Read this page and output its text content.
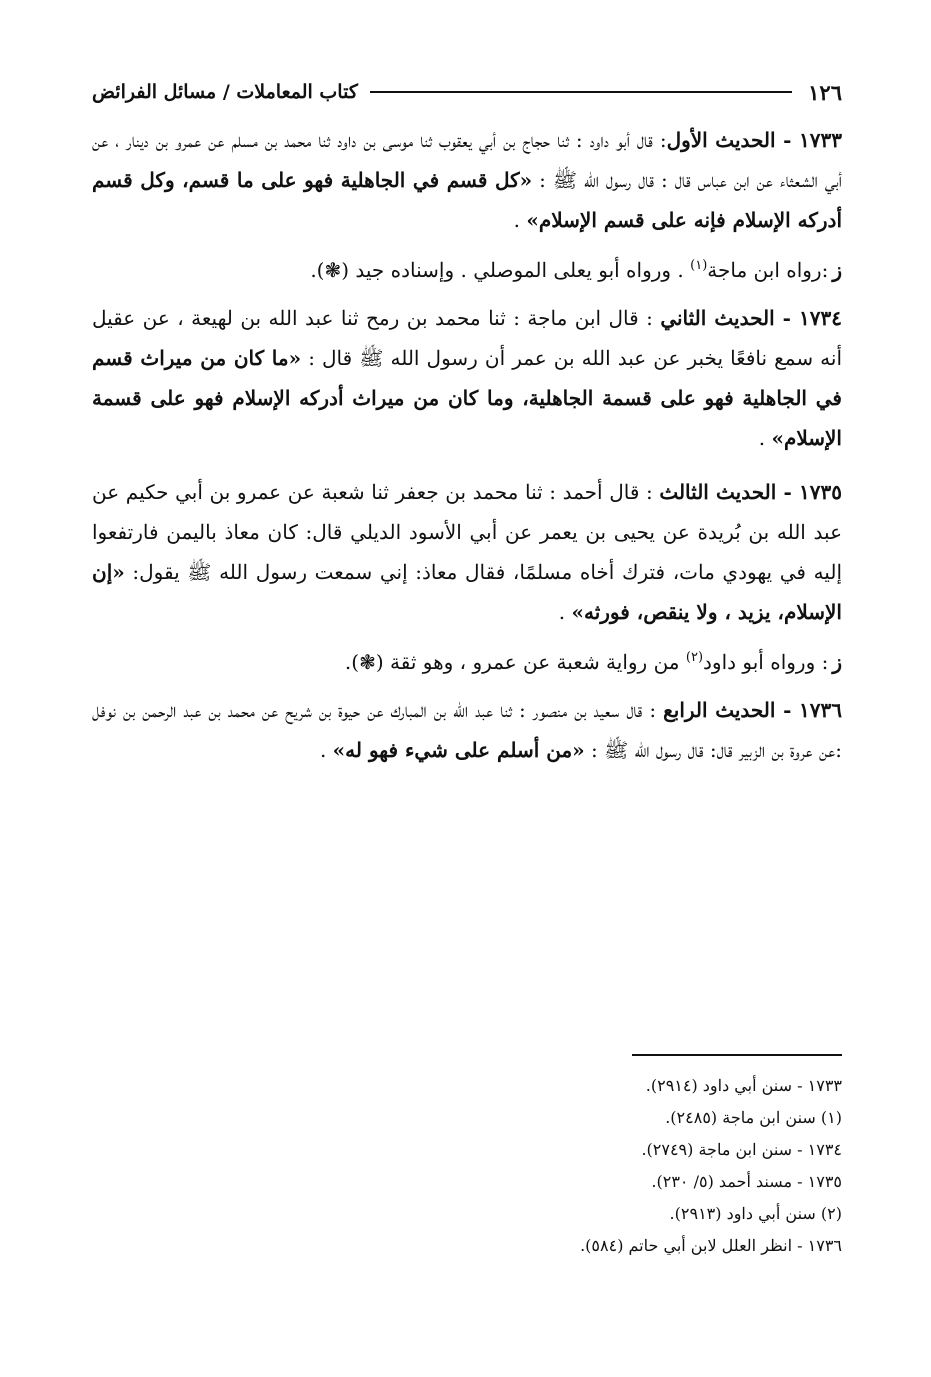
١٢٦
كتاب المعاملات / مسائل الفرائض

١٧٣٣ - الحديث الأول: قال أبو داود : ثنا حجاج بن أبي يعقوب ثنا موسى بن داود ثنا محمد بن مسلم عن عمرو بن دينار ، عن أبي الشعثاء عن ابن عباس قال : قال رسول الله ﷺ : «كل قسم في الجاهلية فهو على ما قسم، وكل قسم أدركه الإسلام فإنه على قسم الإسلام» .

ز:رواه ابن ماجة$^{(١)}$ . ورواه أبو يعلى الموصلي . وإسناده جيد (❃).

١٧٣٤ - الحديث الثاني : قال ابن ماجة : ثنا محمد بن رمح ثنا عبد الله بن لهيعة ، عن عقيل أنه سمع نافعًا يخبر عن عبد الله بن عمر أن رسول الله ﷺ قال : «ما كان من ميراث قسم في الجاهلية فهو على قسمة الجاهلية، وما كان من ميراث أدركه الإسلام فهو على قسمة الإسلام» .

١٧٣٥ - الحديث الثالث : قال أحمد : ثنا محمد بن جعفر ثنا شعبة عن عمرو بن أبي حكيم عن عبد الله بن بُريدة عن يحيى بن يعمر عن أبي الأسود الديلي قال: كان معاذ باليمن فارتفعوا إليه في يهودي مات، فترك أخاه مسلمًا، فقال معاذ: إني سمعت رسول الله ﷺ يقول: «إن الإسلام، يزيد ، ولا ينقص، فورثه» .

ز: ورواه أبو داود$^{(٢)}$ من رواية شعبة عن عمرو ، وهو ثقة (❃).

١٧٣٦ - الحديث الرابع : قال سعيد بن منصور : ثنا عبد الله بن المبارك عن حيوة بن شريح عن محمد بن عبد الرحمن بن نوفل :عن عروة بن الزبير قال: قال رسول الله ﷺ : «من أسلم على شيء فهو له» .

١٧٣٣ - سنن أبي داود (٢٩١٤).

(١) سنن ابن ماجة (٢٤٨٥).

١٧٣٤ - سنن ابن ماجة (٢٧٤٩).

١٧٣٥ - مسند أحمد (٥/ ٢٣٠).

(٢) سنن أبي داود (٢٩١٣).

١٧٣٦ - انظر العلل لابن أبي حاتم (٥٨٤).
